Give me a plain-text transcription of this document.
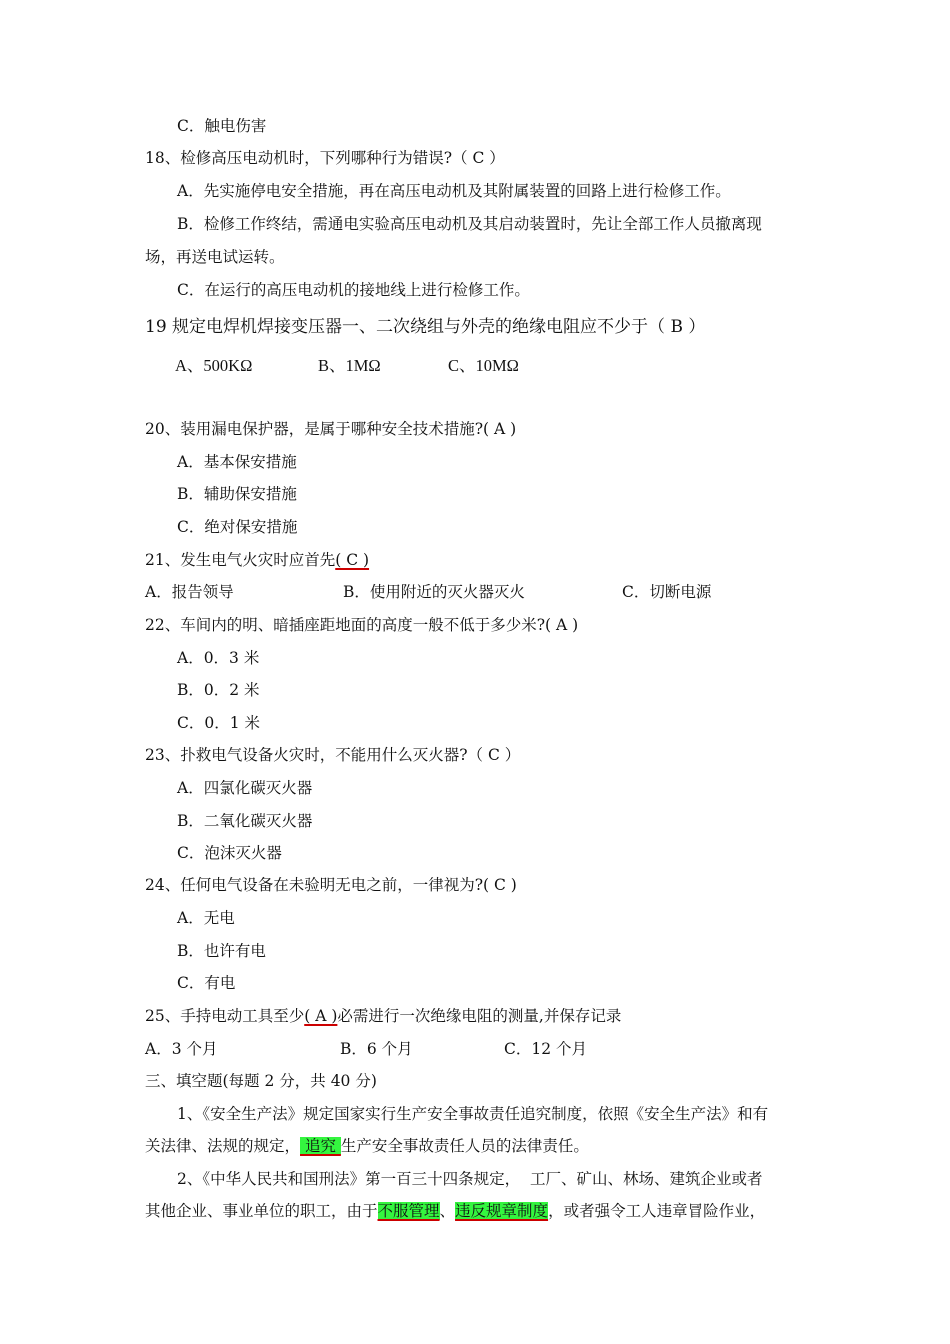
C．触电伤害
18、检修高压电动机时，下列哪种行为错误?（ C ）
A．先实施停电安全措施，再在高压电动机及其附属装置的回路上进行检修工作。
B．检修工作终结，需通电实验高压电动机及其启动装置时，先让全部工作人员撤离现
场，再送电试运转。
C．在运行的高压电动机的接地线上进行检修工作。
19 规定电焊机焊接变压器一、二次绕组与外壳的绝缘电阻应不少于（ B ）
A、500KΩ	B、1MΩ	C、10MΩ
20、装用漏电保护器，是属于哪种安全技术措施?( A )
A．基本保安措施
B．辅助保安措施
C．绝对保安措施
21、发生电气火灾时应首先( C )
A．报告领导	B．使用附近的灭火器灭火	C．切断电源
22、车间内的明、暗插座距地面的高度一般不低于多少米?( A )
A．0．3 米
B．0．2 米
C．0．1 米
23、扑救电气设备火灾时，不能用什么灭火器?（ C ）
A．四氯化碳灭火器
B．二氧化碳灭火器
C．泡沫灭火器
24、任何电气设备在未验明无电之前，一律视为?( C )
A．无电
B．也许有电
C．有电
25、手持电动工具至少( A )必需进行一次绝缘电阻的测量,并保存记录
A．3 个月	B．6 个月	C．12 个月
三、填空题(每题 2 分，共 40 分)
1、《安全生产法》规定国家实行生产安全事故责任追究制度，依照《安全生产法》和有
关法律、法规的规定， 追究 生产安全事故责任人员的法律责任。
2、《中华人民共和国刑法》第一百三十四条规定，  工厂、矿山、林场、建筑企业或者
其他企业、事业单位的职工，由于不服管理、违反规章制度，或者强令工人违章冒险作业，
